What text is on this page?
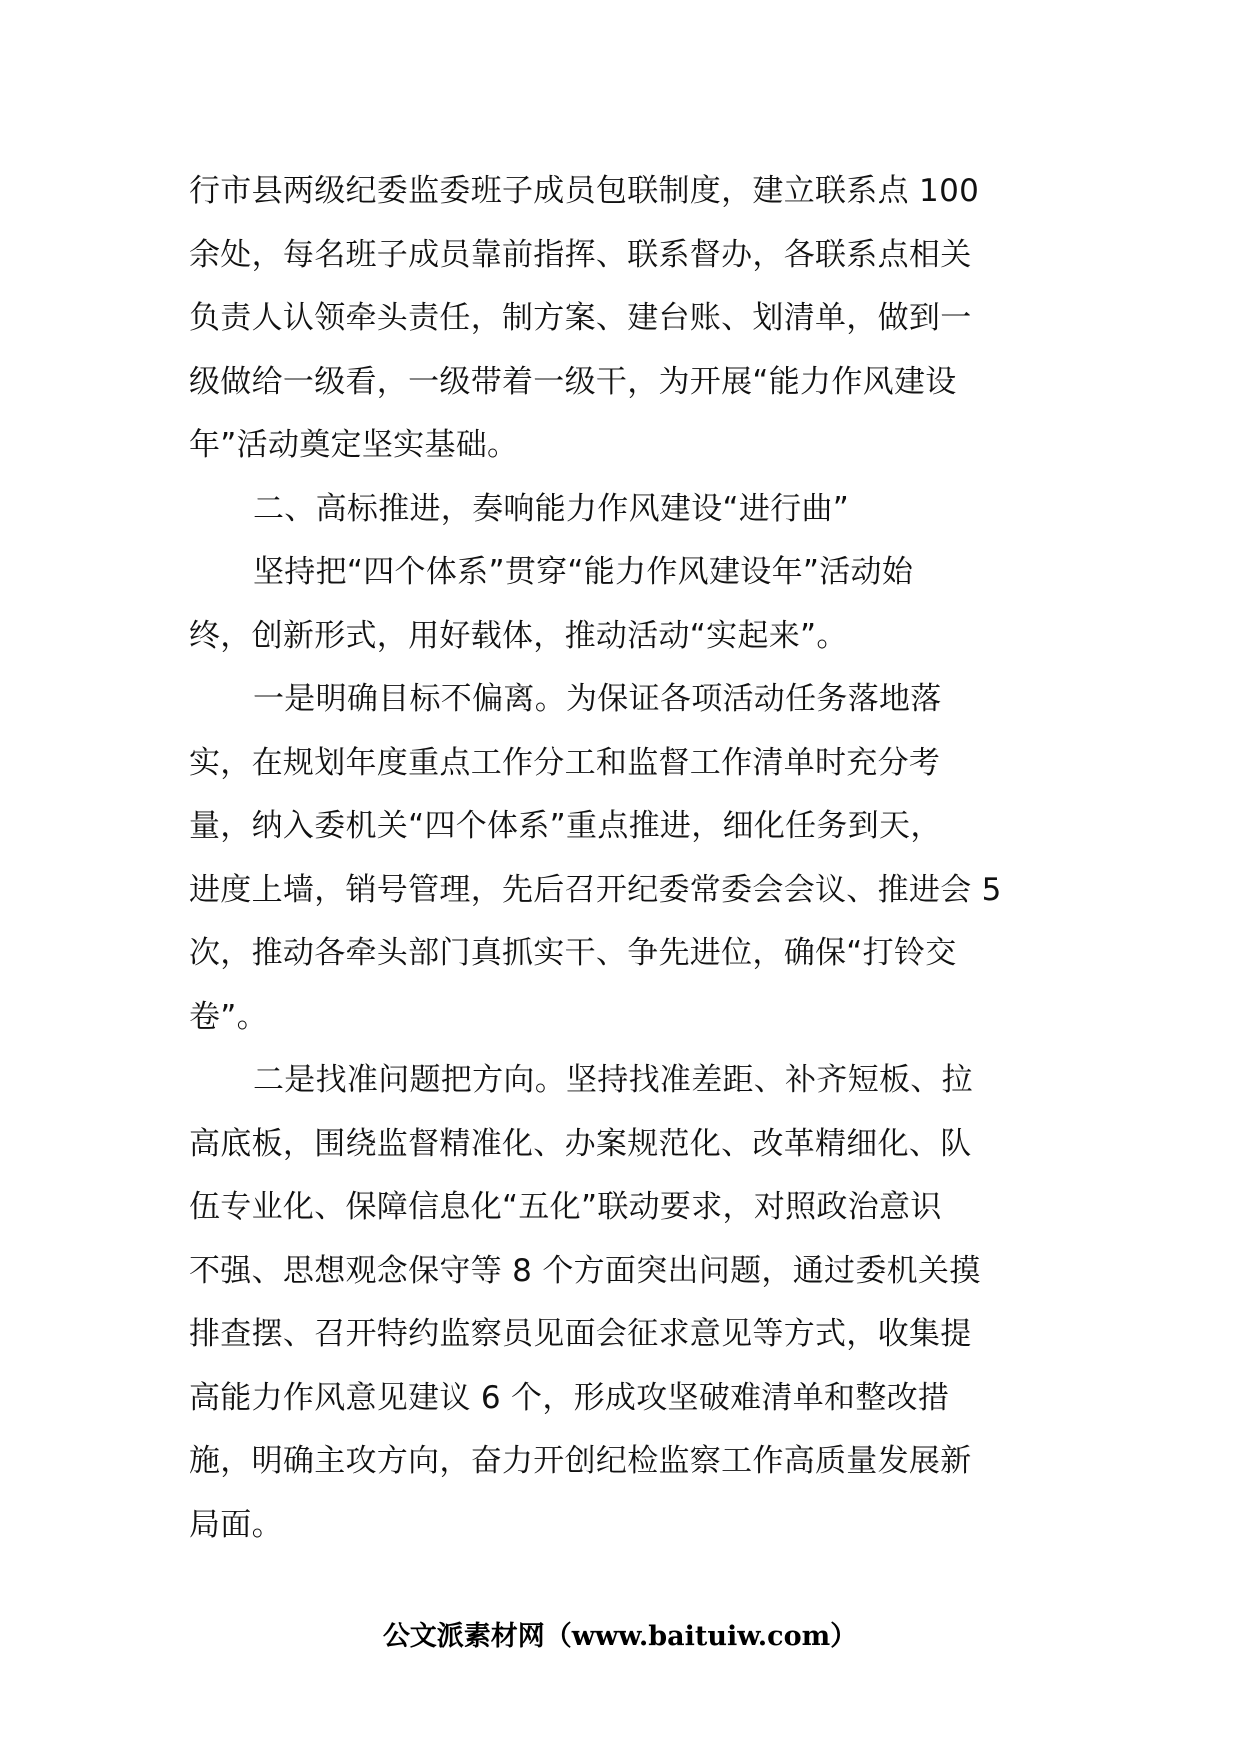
行市县两级纪委监委班子成员包联制度，建立联系点 100
余处，每名班子成员靠前指挥、联系督办，各联系点相关
负责人认领牵头责任，制方案、建台账、划清单，做到一
级做给一级看，一级带着一级干，为开展“能力作风建设
年”活动奠定坚实基础。
二、高标推进，奏响能力作风建设“进行曲”
坚持把“四个体系”贯穿“能力作风建设年”活动始
终，创新形式，用好载体，推动活动“实起来”。
一是明确目标不偏离。为保证各项活动任务落地落
实，在规划年度重点工作分工和监督工作清单时充分考
量，纳入委机关“四个体系”重点推进，细化任务到天，
进度上墙，销号管理，先后召开纪委常委会会议、推进会 5
次，推动各牵头部门真抓实干、争先进位，确保“打铃交
卷”。
二是找准问题把方向。坚持找准差距、补齐短板、拉
高底板，围绕监督精准化、办案规范化、改革精细化、队
伍专业化、保障信息化“五化”联动要求，对照政治意识
不强、思想观念保守等 8 个方面突出问题，通过委机关摸
排查摆、召开特约监察员见面会征求意见等方式，收集提
高能力作风意见建议 6 个，形成攻坚破难清单和整改措
施，明确主攻方向，奋力开创纪检监察工作高质量发展新
局面。
公文派素材网（www.baituiw.com）
